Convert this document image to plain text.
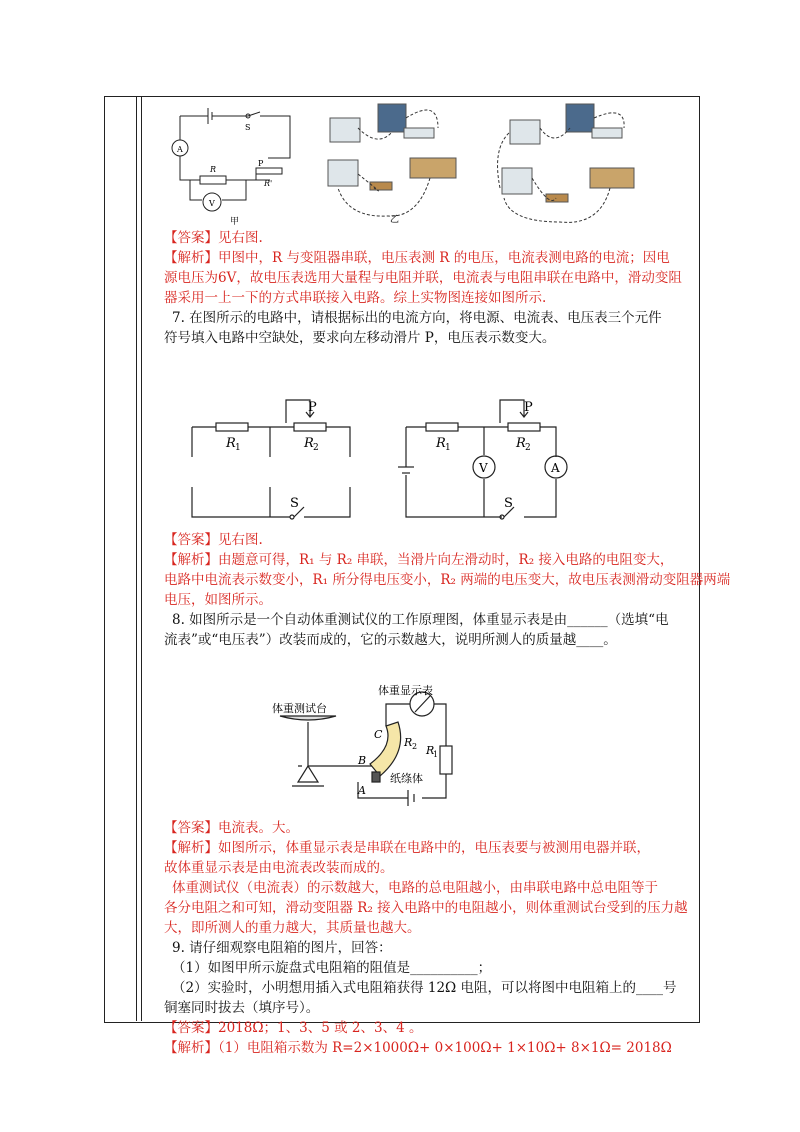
A
S
R
P
R'
V
甲	乙
【答案】见右图.
【解析】甲图中，R 与变阻器串联，电压表测 R 的电压，电流表测电路的电流；因电
源电压为6V，故电压表选用大量程与电阻并联，电流表与电阻串联在电路中，滑动变阻
器采用一上一下的方式串联接入电路。综上实物图连接如图所示.
7. 在图所示的电路中，请根据标出的电流方向，将电源、电流表、电压表三个元件
符号填入电路中空缺处，要求向左移动滑片 P，电压表示数变大。
P
R 1	R 2
S
P
R 1	R 2
V	A
S
【答案】见右图.
【解析】由题意可得，R₁ 与 R₂ 串联，当滑片向左滑动时，R₂ 接入电路的电阻变大，
电路中电流表示数变小，R₁ 所分得电压变小，R₂ 两端的电压变大，故电压表测滑动变阻器两端
电压，如图所示。
8. 如图所示是一个自动体重测试仪的工作原理图，体重显示表是由______（选填“电
流表”或“电压表”）改装而成的，它的示数越大，说明所测人的质量越____。
体重测试台
体重显示表
C
R 2 R
1
B
A
纸绦体
【答案】电流表。大。
【解析】如图所示，体重显示表是串联在电路中的，电压表要与被测用电器并联，
故体重显示表是由电流表改装而成的。
体重测试仪（电流表）的示数越大，电路的总电阻越小，由串联电路中总电阻等于
各分电阻之和可知，滑动变阻器 R₂ 接入电路中的电阻越小，则体重测试台受到的压力越
大，即所测人的重力越大，其质量也越大。
9. 请仔细观察电阻箱的图片，回答：
（1）如图甲所示旋盘式电阻箱的阻值是__________；
（2）实验时，小明想用插入式电阻箱获得 12Ω 电阻，可以将图中电阻箱上的____号
铜塞同时拔去（填序号）。
【答案】2018Ω；1、3、5 或 2、3、4 。
【解析】（1）电阻箱示数为 R=2×1000Ω+ 0×100Ω+ 1×10Ω+ 8×1Ω= 2018Ω
